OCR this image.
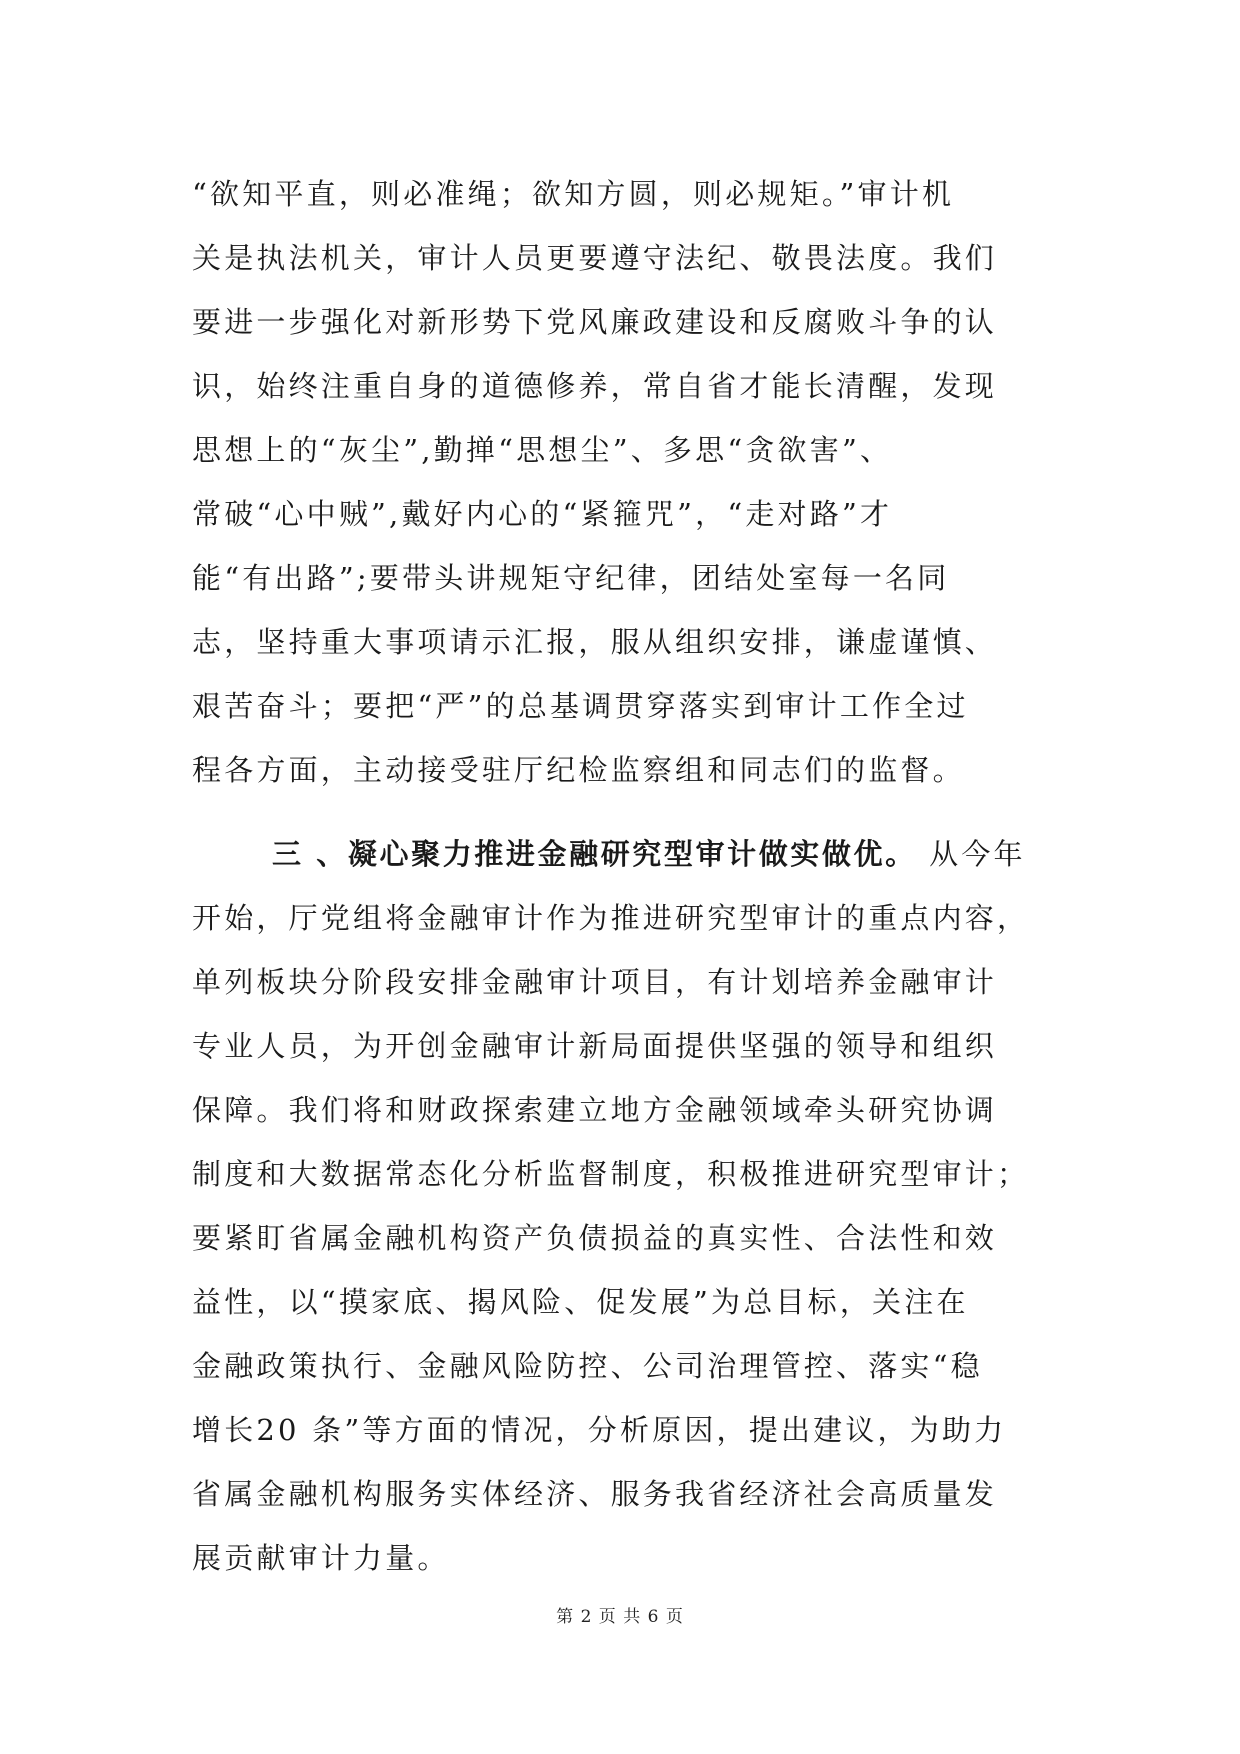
“欲知平直，则必准绳；欲知方圆，则必规矩。”审计机
关是执法机关，审计人员更要遵守法纪、敬畏法度。我们
要进一步强化对新形势下党风廉政建设和反腐败斗争的认
识，始终注重自身的道德修养，常自省才能长清醒，发现
思想上的“灰尘”,勤掸“思想尘”、多思“贪欲害”、
常破“心中贼”,戴好内心的“紧箍咒”，“走对路”才
能“有出路”;要带头讲规矩守纪律，团结处室每一名同
志，坚持重大事项请示汇报，服从组织安排，谦虚谨慎、
艰苦奋斗；要把“严”的总基调贯穿落实到审计工作全过
程各方面，主动接受驻厅纪检监察组和同志们的监督。
三 、凝心聚力推进金融研究型审计做实做优。 从今年
开始，厅党组将金融审计作为推进研究型审计的重点内容，
单列板块分阶段安排金融审计项目，有计划培养金融审计
专业人员，为开创金融审计新局面提供坚强的领导和组织
保障。我们将和财政探索建立地方金融领域牵头研究协调
制度和大数据常态化分析监督制度，积极推进研究型审计；
要紧盯省属金融机构资产负债损益的真实性、合法性和效
益性，以“摸家底、揭风险、促发展”为总目标，关注在
金融政策执行、金融风险防控、公司治理管控、落实“稳
增长20 条”等方面的情况，分析原因，提出建议，为助力
省属金融机构服务实体经济、服务我省经济社会高质量发
展贡献审计力量。
第 2 页 共 6 页
